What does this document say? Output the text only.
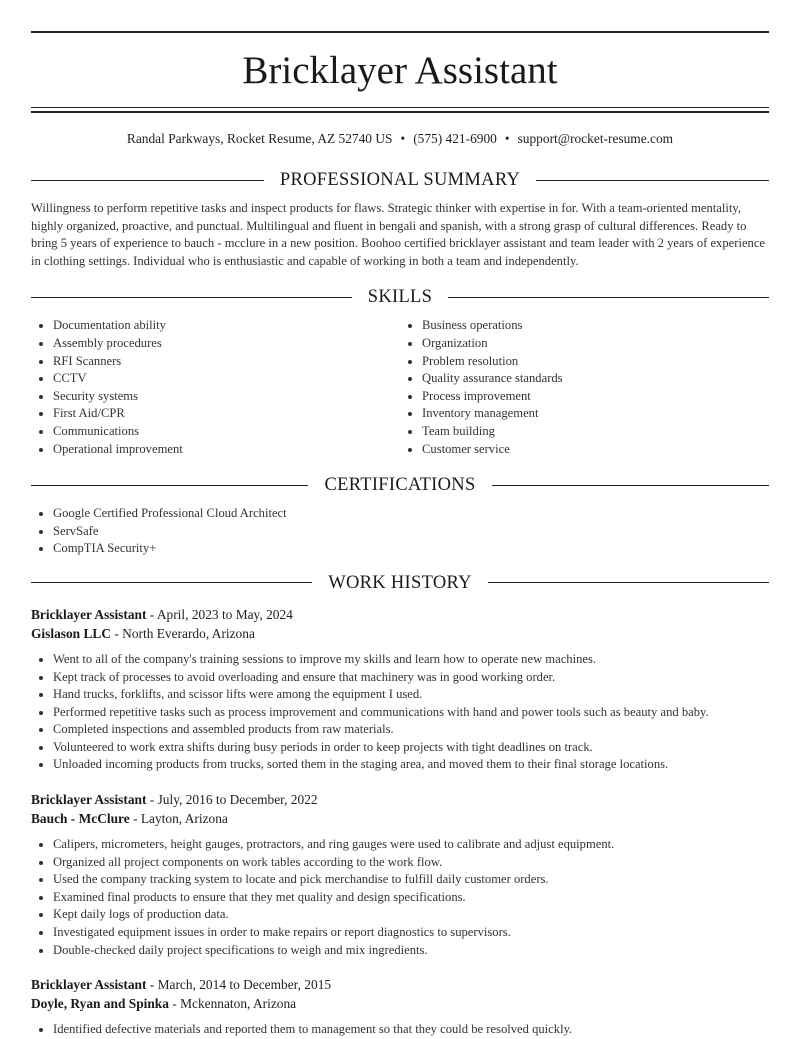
Bricklayer Assistant
Randal Parkways, Rocket Resume, AZ 52740 US • (575) 421-6900 • support@rocket-resume.com
PROFESSIONAL SUMMARY
Willingness to perform repetitive tasks and inspect products for flaws. Strategic thinker with expertise in for. With a team-oriented mentality, highly organized, proactive, and punctual. Multilingual and fluent in bengali and spanish, with a strong grasp of cultural differences. Ready to bring 5 years of experience to bauch - mcclure in a new position. Boohoo certified bricklayer assistant and team leader with 2 years of experience in clothing settings. Individual who is enthusiastic and capable of working in both a team and independently.
SKILLS
• Documentation ability
• Assembly procedures
• RFI Scanners
• CCTV
• Security systems
• First Aid/CPR
• Communications
• Operational improvement
• Business operations
• Organization
• Problem resolution
• Quality assurance standards
• Process improvement
• Inventory management
• Team building
• Customer service
CERTIFICATIONS
• Google Certified Professional Cloud Architect
• ServSafe
• CompTIA Security+
WORK HISTORY
Bricklayer Assistant - April, 2023 to May, 2024
Gislason LLC - North Everardo, Arizona
• Went to all of the company's training sessions to improve my skills and learn how to operate new machines.
• Kept track of processes to avoid overloading and ensure that machinery was in good working order.
• Hand trucks, forklifts, and scissor lifts were among the equipment I used.
• Performed repetitive tasks such as process improvement and communications with hand and power tools such as beauty and baby.
• Completed inspections and assembled products from raw materials.
• Volunteered to work extra shifts during busy periods in order to keep projects with tight deadlines on track.
• Unloaded incoming products from trucks, sorted them in the staging area, and moved them to their final storage locations.
Bricklayer Assistant - July, 2016 to December, 2022
Bauch - McClure - Layton, Arizona
• Calipers, micrometers, height gauges, protractors, and ring gauges were used to calibrate and adjust equipment.
• Organized all project components on work tables according to the work flow.
• Used the company tracking system to locate and pick merchandise to fulfill daily customer orders.
• Examined final products to ensure that they met quality and design specifications.
• Kept daily logs of production data.
• Investigated equipment issues in order to make repairs or report diagnostics to supervisors.
• Double-checked daily project specifications to weigh and mix ingredients.
Bricklayer Assistant - March, 2014 to December, 2015
Doyle, Ryan and Spinka - Mckennaton, Arizona
• Identified defective materials and reported them to management so that they could be resolved quickly.
